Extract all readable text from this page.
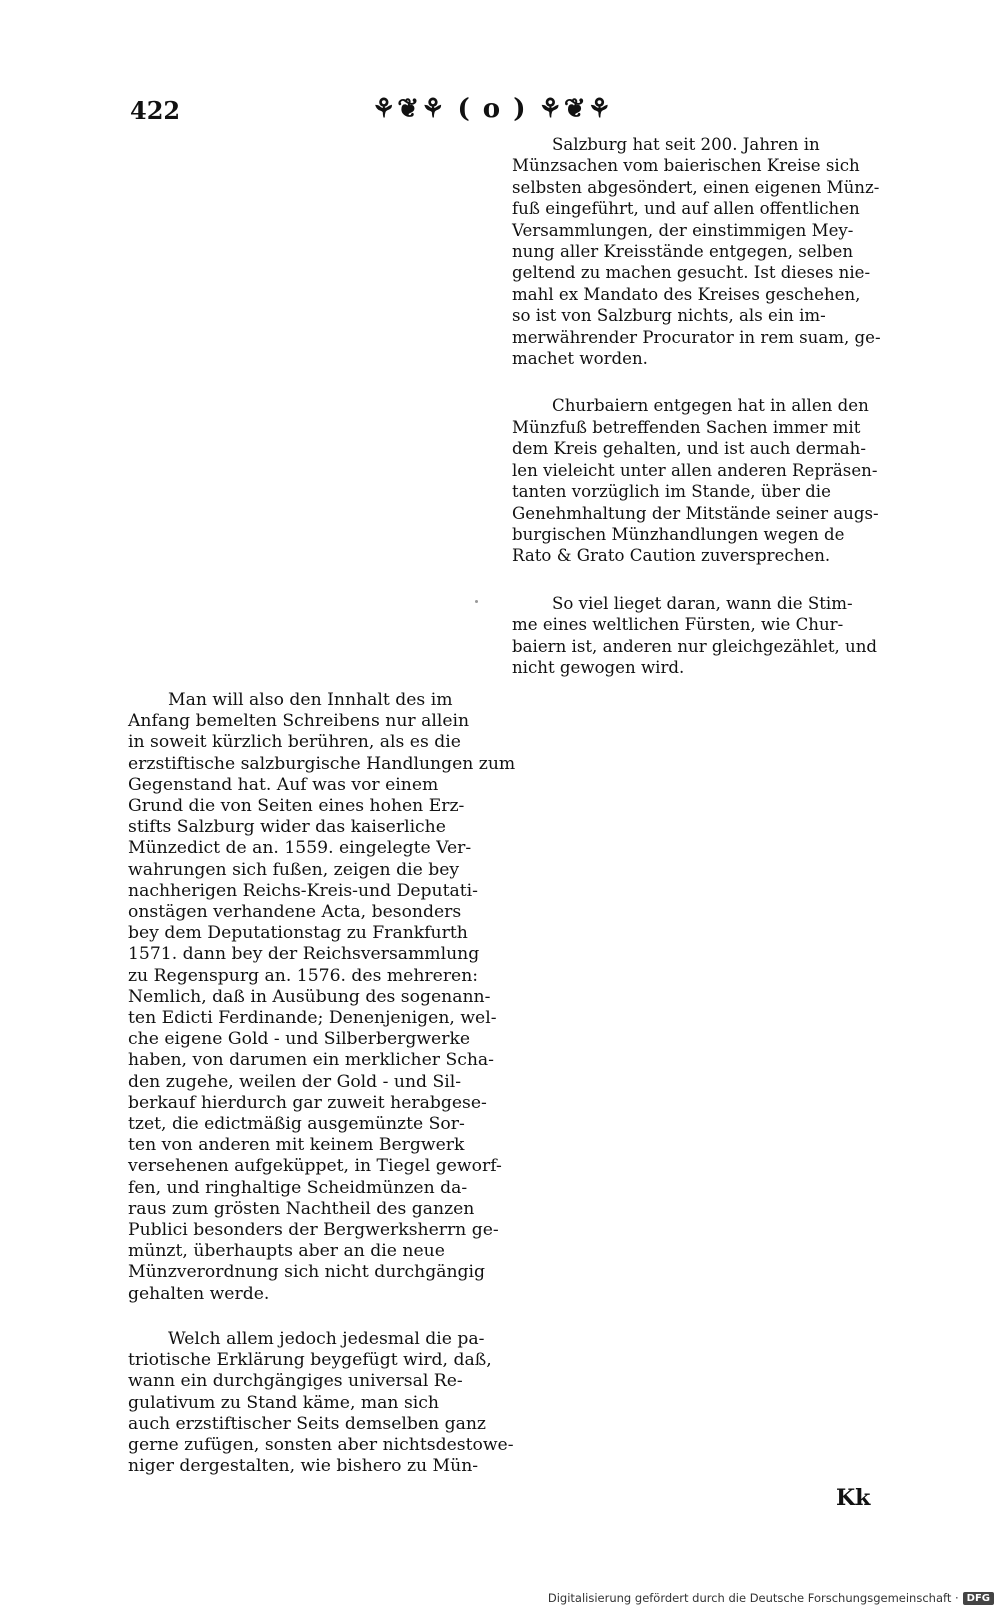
422	⚘❦⚘ ( o ) ⚘❦⚘
Salzburg hat seit 200. Jahren in
Münzsachen vom baierischen Kreise sich
selbsten abgesöndert, einen eigenen Münz-
fuß eingeführt, und auf allen offentlichen
Versammlungen, der einstimmigen Mey-
nung aller Kreisstände entgegen, selben
geltend zu machen gesucht. Ist dieses nie-
mahl ex Mandato des Kreises geschehen,
so ist von Salzburg nichts, als ein im-
merwährender Procurator in rem suam, ge-
machet worden.
Churbaiern entgegen hat in allen den
Münzfuß betreffenden Sachen immer mit
dem Kreis gehalten, und ist auch dermah-
len vieleicht unter allen anderen Repräsen-
tanten vorzüglich im Stande, über die
Genehmhaltung der Mitstände seiner augs-
burgischen Münzhandlungen wegen de
Rato & Grato Caution zuversprechen.
So viel lieget daran, wann die Stim-
me eines weltlichen Fürsten, wie Chur-
baiern ist, anderen nur gleichgezählet, und
nicht gewogen wird.
Man will also den Innhalt des im
Anfang bemelten Schreibens nur allein
in soweit kürzlich berühren, als es die
erzstiftische salzburgische Handlungen zum
Gegenstand hat. Auf was vor einem
Grund die von Seiten eines hohen Erz-
stifts Salzburg wider das kaiserliche
Münzedict de an. 1559. eingelegte Ver-
wahrungen sich fußen, zeigen die bey
nachherigen Reichs-Kreis-und Deputati-
onstägen verhandene Acta, besonders
bey dem Deputationstag zu Frankfurth
1571. dann bey der Reichsversammlung
zu Regenspurg an. 1576. des mehreren:
Nemlich, daß in Ausübung des sogenann-
ten Edicti Ferdinande; Denenjenigen, wel-
che eigene Gold - und Silberbergwerke
haben, von darumen ein merklicher Scha-
den zugehe, weilen der Gold - und Sil-
berkauf hierdurch gar zuweit herabgese-
tzet, die edictmäßig ausgemünzte Sor-
ten von anderen mit keinem Bergwerk
versehenen aufgeküppet, in Tiegel geworf-
fen, und ringhaltige Scheidmünzen da-
raus zum grösten Nachtheil des ganzen
Publici besonders der Bergwerksherrn ge-
münzt, überhaupts aber an die neue
Münzverordnung sich nicht durchgängig
gehalten werde.
Welch allem jedoch jedesmal die pa-
triotische Erklärung beygefügt wird, daß,
wann ein durchgängiges universal Re-
gulativum zu Stand käme, man sich
auch erzstiftischer Seits demselben ganz
gerne zufügen, sonsten aber nichtsdestowe-
niger dergestalten, wie bishero zu Mün-
Kk
Digitalisierung gefördert durch die Deutsche Forschungsgemeinschaft · DFG
